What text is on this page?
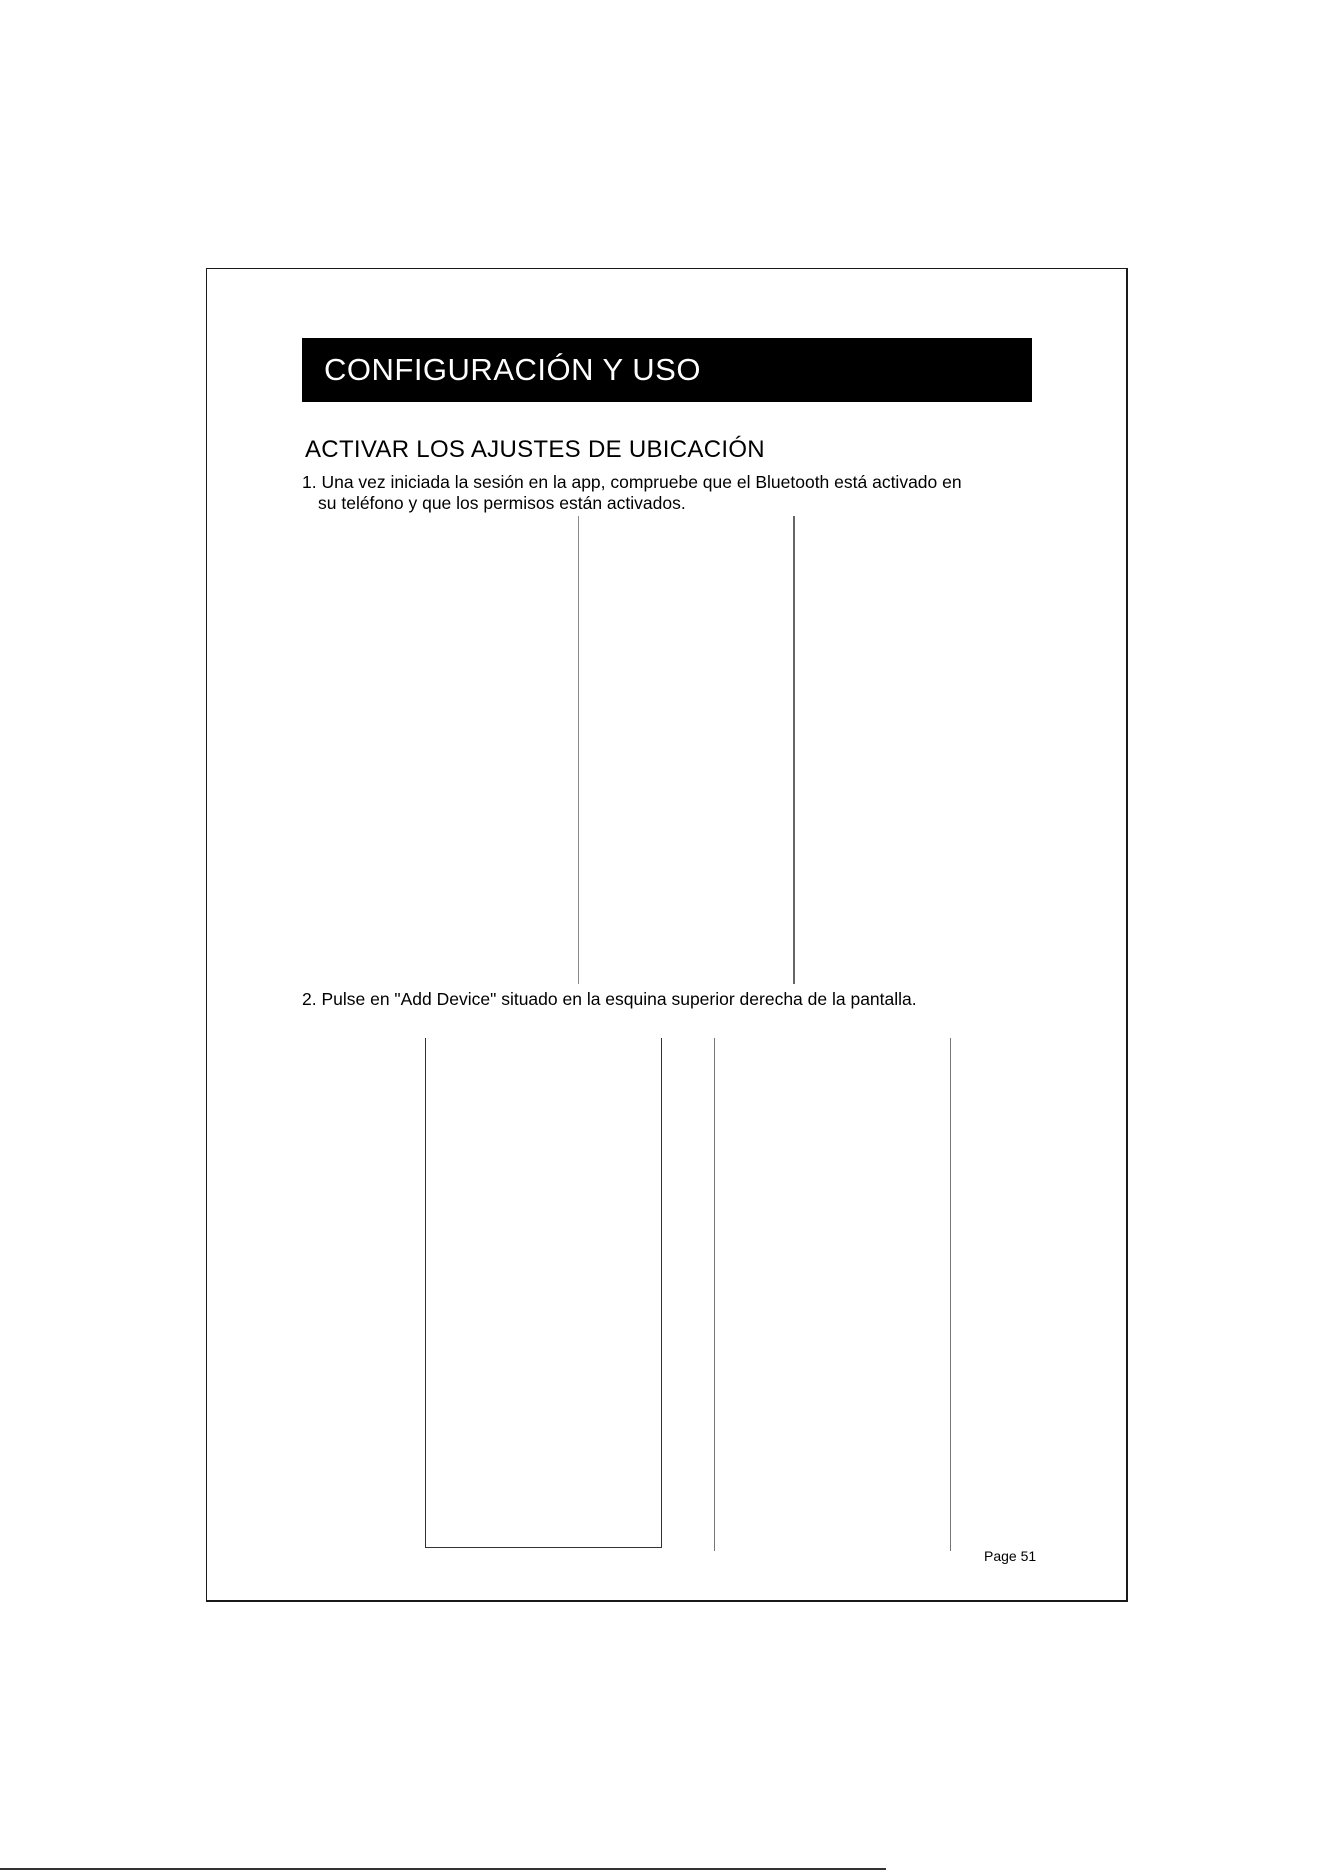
CONFIGURACIÓN Y USO
ACTIVAR LOS AJUSTES DE UBICACIÓN

1. Una vez iniciada la sesión en la app, compruebe que el Bluetooth está activado en
su teléfono y que los permisos están activados.

2. Pulse en "Add Device" situado en la esquina superior derecha de la pantalla.

Page 51
